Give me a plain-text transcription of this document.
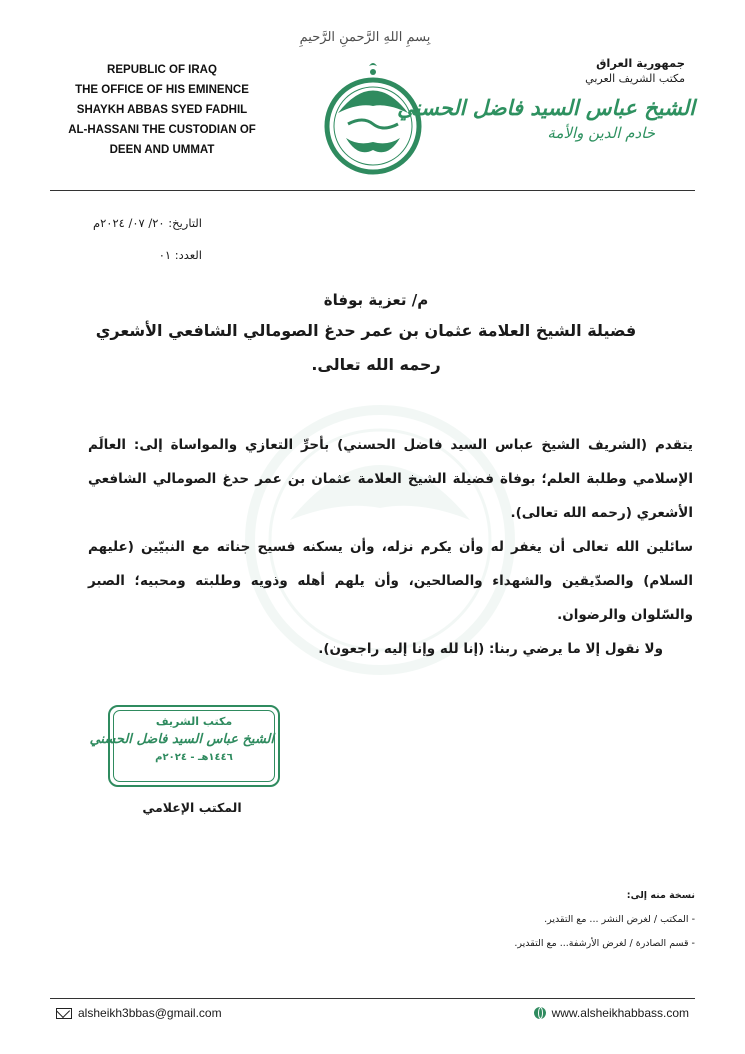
بِسمِ اللهِ الرَّحمنِ الرَّحيمِ
REPUBLIC OF IRAQ
THE OFFICE OF HIS EMINENCE
SHAYKH ABBAS SYED FADHIL
AL-HASSANI THE CUSTODIAN OF
DEEN AND UMMAT
جمهورية العراق
مكتب الشريف العربي
الشيخ عباس السيد فاضل الحسني
خادم الدين والأمة
التاريخ: ٢٠/ ٠٧/ ٢٠٢٤م
العدد: ٠١
م/ تعزية بوفاة
فضيلة الشيخ العلامة عثمان بن عمر حدغ الصومالي الشافعي الأشعري
رحمه الله تعالى.

يتقدم (الشريف الشيخ عباس السيد فاضل الحسني) بأحرِّ التعازي والمواساة إلى: العالَم الإسلامي وطلبة العلم؛ بوفاة فضيلة الشيخ العلامة عثمان بن عمر حدغ الصومالي الشافعي الأشعري (رحمه الله تعالى).

سائلين الله تعالى أن يغفر له وأن يكرم نزله، وأن يسكنه فسيح جناته مع النبيّين (عليهم السلام) والصدّيقين والشهداء والصالحين، وأن يلهم أهله وذويه وطلبته ومحبيه؛ الصبر والسّلوان والرضوان.

ولا نقول إلا ما يرضي ربنا: (إنا لله وإنا إليه راجعون).

مكتب الشريف
الشيخ عباس السيد فاضل الحسني
١٤٤٦هـ - ٢٠٢٤م
المكتب الإعلامي
نسخة منه إلى:
- المكتب / لغرض النشر ... مع التقدير.
- قسم الصادرة / لغرض الأرشفة... مع التقدير.
alsheikh3bbas@gmail.com	www.alsheikhabbass.com
